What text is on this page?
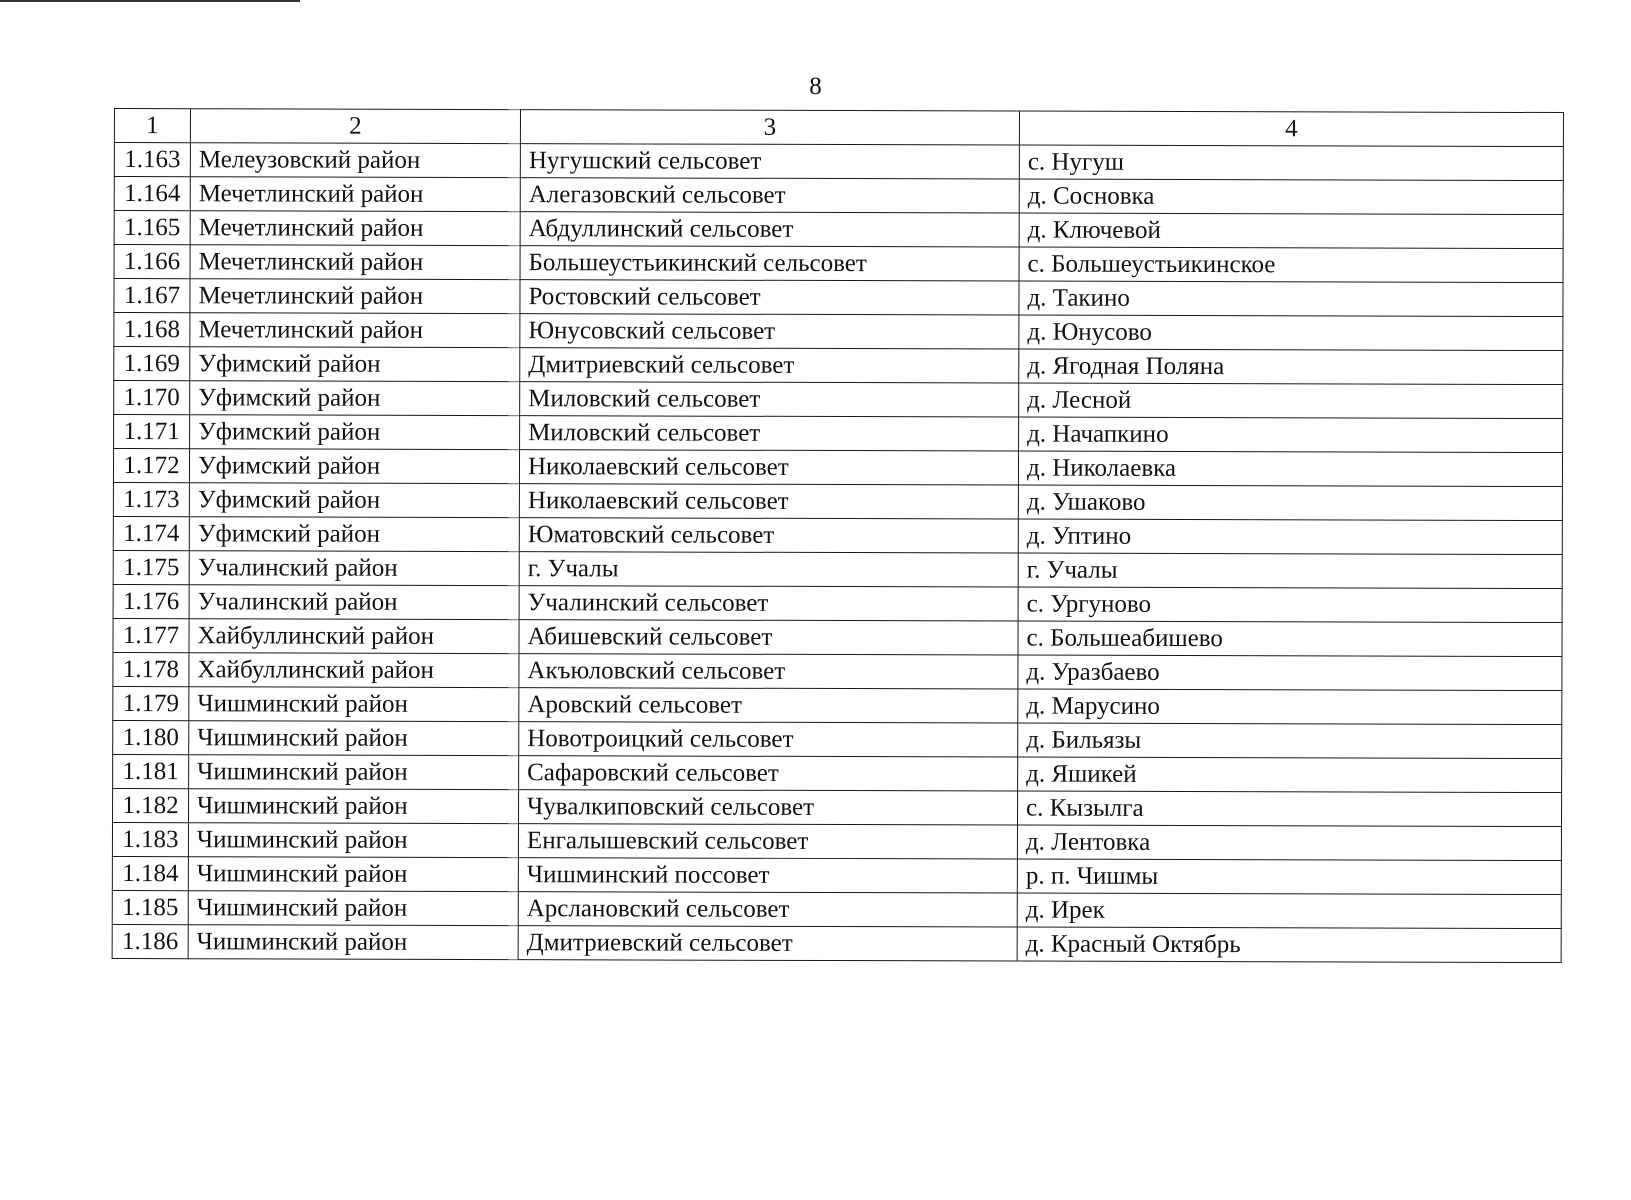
8
1	2	3	4
1.163	Мелеузовский район	Нугушский сельсовет	с. Нугуш
1.164	Мечетлинский район	Алегазовский сельсовет	д. Сосновка
1.165	Мечетлинский район	Абдуллинский сельсовет	д. Ключевой
1.166	Мечетлинский район	Большеустьикинский сельсовет	с. Большеустьикинское
1.167	Мечетлинский район	Ростовский сельсовет	д. Такино
1.168	Мечетлинский район	Юнусовский сельсовет	д. Юнусово
1.169	Уфимский район	Дмитриевский сельсовет	д. Ягодная Поляна
1.170	Уфимский район	Миловский сельсовет	д. Лесной
1.171	Уфимский район	Миловский сельсовет	д. Начапкино
1.172	Уфимский район	Николаевский сельсовет	д. Николаевка
1.173	Уфимский район	Николаевский сельсовет	д. Ушаково
1.174	Уфимский район	Юматовский сельсовет	д. Уптино
1.175	Учалинский район	г. Учалы	г. Учалы
1.176	Учалинский район	Учалинский сельсовет	с. Ургуново
1.177	Хайбуллинский район	Абишевский сельсовет	с. Большеабишево
1.178	Хайбуллинский район	Акъюловский сельсовет	д. Уразбаево
1.179	Чишминский район	Аровский сельсовет	д. Марусино
1.180	Чишминский район	Новотроицкий сельсовет	д. Бильязы
1.181	Чишминский район	Сафаровский сельсовет	д. Яшикей
1.182	Чишминский район	Чувалкиповский сельсовет	с. Кызылга
1.183	Чишминский район	Енгалышевский сельсовет	д. Лентовка
1.184	Чишминский район	Чишминский поссовет	р. п. Чишмы
1.185	Чишминский район	Арслановский сельсовет	д. Ирек
1.186	Чишминский район	Дмитриевский сельсовет	д. Красный Октябрь
